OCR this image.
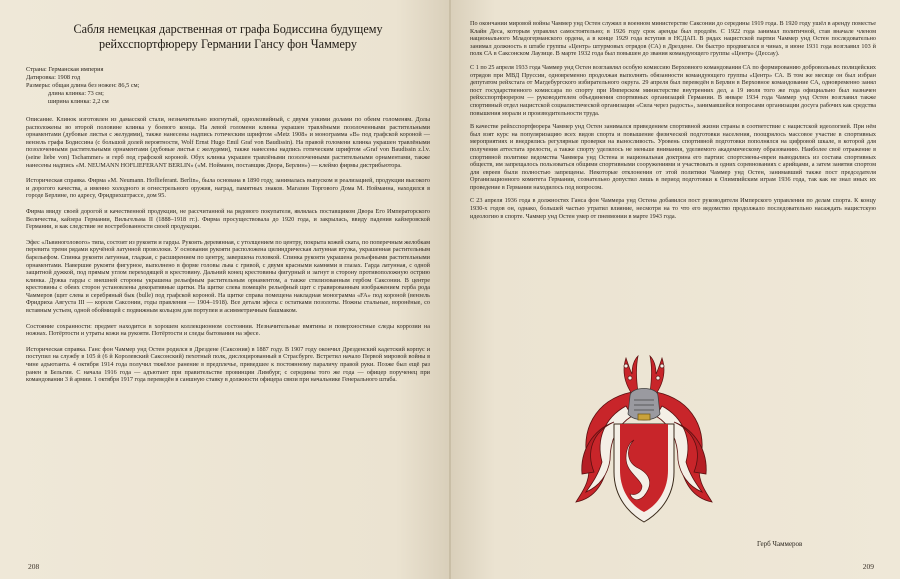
Сабля немецкая дарственная от графа Бодиссина будущему рейхсспортфюреру Германии Гансу фон Чаммеру
Страна: Германская империя
Датировка: 1908 год
Размеры: общая длина без ножен: 86,5 см;
длина клинка: 73 см;
ширина клинка: 2,2 см

Описание. Клинок изготовлен из дамасской стали, незначительно изогнутый, однолезвийный, с двумя узкими долами по обеим голоменям. Долы расположены во второй половине клинка у боевого конца. На левой голомени клинка украшен травлёными позолоченными растительными орнаментами (дубовые листья с желудями), также нанесены надпись готическим шрифтом «Metz 1908» и монограмма «В» под графской короной — вензель графа Бодиссина (с большой долей вероятности, Wolf Ernst Hugo Emil Graf von Baudissin). На правой голомени клинка украшен травлёными позолоченными растительными орнаментами (дубовые листья с желудями), также нанесены надпись готическим шрифтом «Graf von Baudissin z.l.v. (seine liebe von) Tschammer» и герб под графской короной. Обух клинка украшен травлёными позолоченными растительными орнаментами, также нанесены надпись «M. NEUMANN HOFLIEFERANT BERLIN» («М. Нойманн, поставщик Двора, Берлин») — клеймо фирмы дистрибьютора.

Историческая справка. Фирма «M. Neumann. Hoflieferant. Berlin», была основана в 1890 году, занималась выпуском и реализацией, продукции высокого и дорогого качества, а именно холодного и огнестрельного оружия, наград, памятных знаков. Магазин Торгового Дома М. Нойманна, находился в городе Берлине, по адресу, Фридрихштрассе, дом 95.

Фирма ввиду своей дорогой и качественной продукции, не рассчитанной на рядового покупателя, являлась поставщиком Двора Его Императорского Величества, кайзера Германии, Вильгельма II (1888–1918 гг.). Фирма просуществовала до 1920 года, и закрылась, ввиду падения кайзеровской Германии, и как следствие не востребованности своей продукции.

Эфес «Львиноголового» типа, состоит из рукояти и гарды. Рукоять деревянная, с утолщением по центру, покрыта кожей ската, по поперечным желобкам перевита тремя рядами кручёной латунной проволоки. У основания рукояти расположена цилиндрическая латунная втулка, украшенная растительным барельефом. Спинка рукояти латунная, гладкая, с расширением по центру, завершена головкой. Спинка рукояти украшена рельефными растительными орнаментами. Навершие рукояти фигурное, выполнено в форме головы льва с гривой, с двумя красными камнями в глазах. Гарда латунная, с одной защитной дужкой, под прямым углом переходящей в крестовину. Дальний конец крестовины фигурный и загнут в сторону противоположную острию клинка. Дужка гарды с внешней стороны украшена рельефным растительным орнаментом, а также стилизованным гербом Саксонии. В центре крестовины с обеих сторон установлены декоративные щитки. На щитке слева помещён рельефный щит с гравированным изображением герба рода Чаммеров (щит слева и серебряный бык (bulle) под графской короной. На щитке справа помещена накладная монограмма «FA» под короной (вензель Фридриха Августа III — короля Саксонии, годы правления — 1904–1918). Все детали эфеса с остатками позолоты. Ножны стальные, воронёные, со вставным устьем, одной обоймицей с подвижным кольцом для портупеи и асимметричным башмаком.

Состояние сохранности: предмет находится в хорошем коллекционном состоянии. Незначительные вмятины и поверхностные следы коррозии на ножнах. Потёртости и утраты кожи на рукояти. Потёртости и следы бытования на эфесе.

Историческая справка. Ганс фон Чаммер унд Остен родился в Дрездене (Саксония) в 1887 году. В 1907 году окончил Дрезденский кадетский корпус и поступил на службу в 105 й (6 й Королевский Саксонский) пехотный полк, дислоцированный в Страсбурге. Встретил начало Первой мировой войны в чине адъютанта. 4 октября 1914 года получил тяжёлое ранение в предплечье, приведшее к постоянному параличу правой руки. Позже был ещё раз ранен в Бельгии. С начала 1916 года — адъютант при правительстве провинции Лимбург, с середины того же года — офицер порученец при командовании 3 й армии. 1 октября 1917 года переведён в саншную ставку в должности офицера связи при начальнике Генерального штаба.

208

По окончании мировой войны Чаммер унд Остен служил в военном министерстве Саксонии до середины 1919 года. В 1920 году ушёл в аренду поместье Клайн Деса, которым управлял самостоятельно; в 1926 году срок аренды был продлён. С 1922 года занимал политичной, став вначале членом национального Младогерманского ордена, а в конце 1929 года вступив в НСДАП. В рядах нацистской партии Чаммер унд Остен последовательно занимал должность в штабе группы «Центр» штурмовых отрядов (СА) в Дрездене. Он быстро продвигался в чинах, в июне 1931 года возглавил 103 й полк СА в Саксонском Лаузице. В марте 1932 года был повышен до звания командующего группы «Центр» (Дессау).

С 1 по 25 апреля 1933 года Чаммер унд Остен возглавлял особую комиссию Верховного командования СА по формированию добровольных полицейских отрядов при МВД Пруссии, одновременно продолжая выполнять обязанности командующего группы «Центр» СА. В том же месяце он был избран депутатом рейхстага от Магдебургского избирательного округа. 29 апреля был переведён в Берлин в Верховное командование СА, одновременно занял пост государственного комиссара по спорту при Имперском министерстве внутренних дел, а 19 июля того же года официально был назначен рейхсспортфюрером — руководителем объединения спортивных организаций Германии. В январе 1934 года Чаммер унд Остен возглавил также спортивный отдел нацистской социалистической организации «Сила через радость», занимавшейся вопросами организации досуга рабочих как средства повышения морали и производительности труда.

В качестве рейхсспортфюрера Чаммер унд Остен занимался приведением спортивной жизни страны в соответствие с нацистской идеологией. При нём был взят курс на популяризацию всех видов спорта и повышение физической подготовки населения, поощрялось массовое участие в спортивных мероприятиях и внедрялись регулярные проверки на выносливость. Уровень спортивной подготовки пополнялся на цифровой шкале, в которой для получения аттестата зрелости, а также спорту уделялось не меньше внимания, уделяемого академическому образованию. Наиболее своё отражение в спортивной политике ведомства Чаммера унд Остена и национальная доктрина его партии: спортсмены-евреи выводились из состава спортивных обществ, им запрещалось пользоваться общими спортивными сооружениями и участвовать в одних соревнованиях с арийцами, а затем занятия спортом для евреев были полностью запрещены. Некоторые отклонения от этой политики Чаммер унд Остен, занимавший также пост председателя Организационного комитета Германии, сознательно допустил лишь в период подготовки к Олимпийским играм 1936 года, так как не знал иных их проведение в Германии находилось под вопросом.

С 23 апреля 1936 года в должностях Ганса фон Чаммера унд Остена добавился пост руководителя Имперского управления по делам спорта. К концу 1930-х годов он, однако, большей частью утратил влияние, несмотря на то что его ведомство продолжало последовательно насаждать нацистскую идеологию в спорте. Чаммер унд Остен умер от пневмонии в марте 1943 года.

209
Герб Чаммеров
